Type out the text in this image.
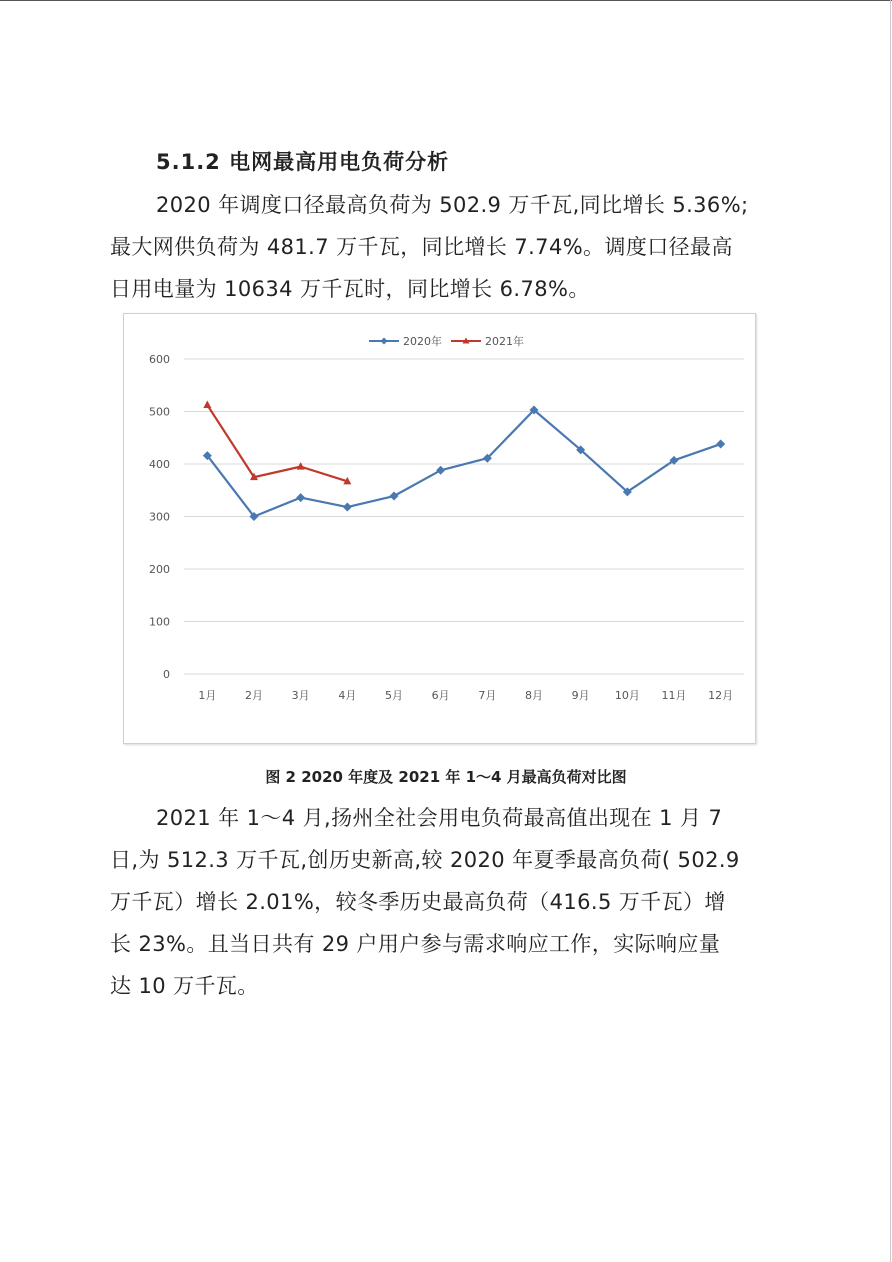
5.1.2 电网最高用电负荷分析
2020 年调度口径最高负荷为 502.9 万千瓦,同比增长 5.36%;
最大网供负荷为 481.7 万千瓦，同比增长 7.74%。调度口径最高
日用电量为 10634 万千瓦时，同比增长 6.78%。
0
100
200
300
400
500
600
1月	2月	3月	4月	5月	6月	7月	8月	9月 10月 11月 12月
2020年	2021年
图 2 2020 年度及 2021 年 1～4 月最高负荷对比图
2021 年 1～4 月,扬州全社会用电负荷最高值出现在 1 月 7
日,为 512.3 万千瓦,创历史新高,较 2020 年夏季最高负荷( 502.9
万千瓦）增长 2.01%，较冬季历史最高负荷（416.5 万千瓦）增
长 23%。且当日共有 29 户用户参与需求响应工作，实际响应量
达 10 万千瓦。
